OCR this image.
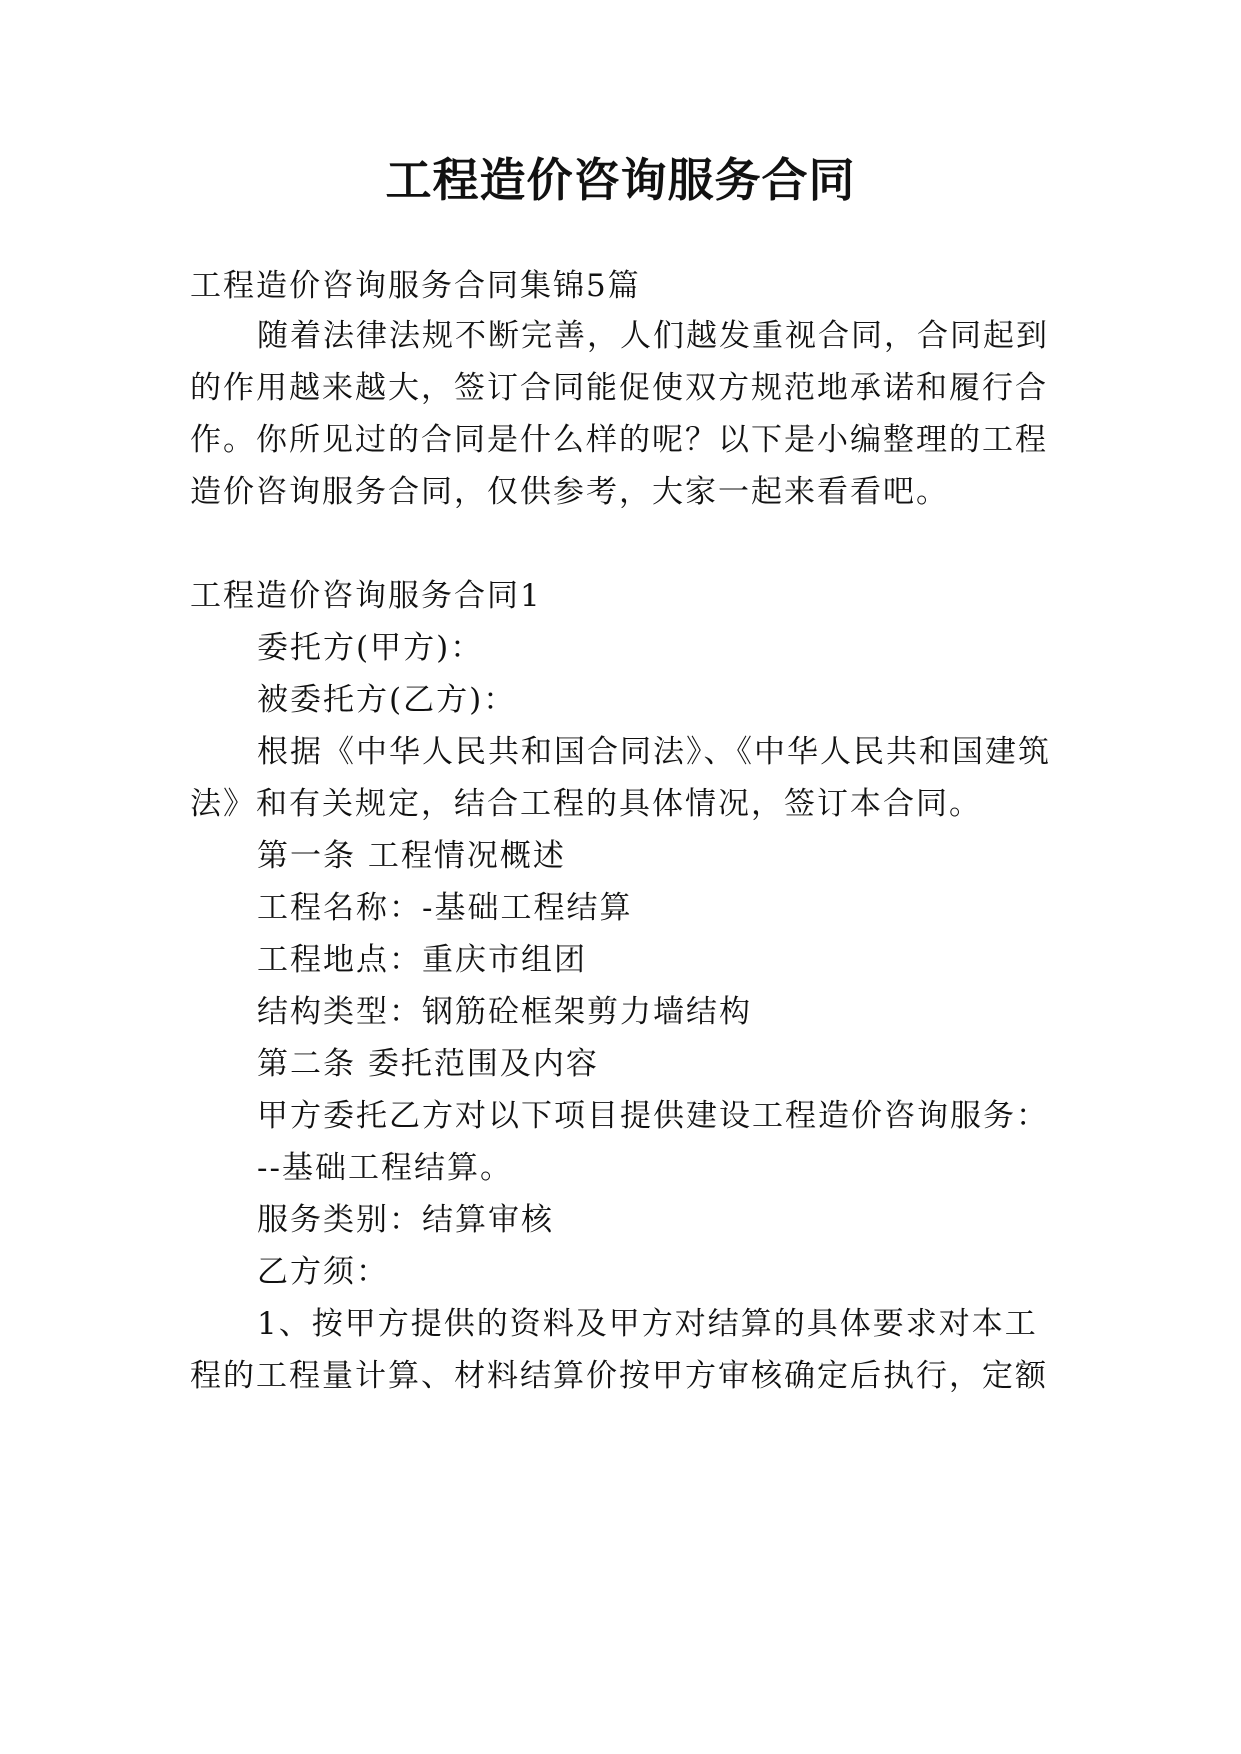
工程造价咨询服务合同
工程造价咨询服务合同集锦5篇
随着法律法规不断完善，人们越发重视合同，合同起到
的作用越来越大，签订合同能促使双方规范地承诺和履行合
作。你所见过的合同是什么样的呢？以下是小编整理的工程
造价咨询服务合同，仅供参考，大家一起来看看吧。
工程造价咨询服务合同1
委托方(甲方)：
被委托方(乙方)：
根据《中华人民共和国合同法》、《中华人民共和国建筑
法》和有关规定，结合工程的具体情况，签订本合同。
第一条 工程情况概述
工程名称：-基础工程结算
工程地点：重庆市组团
结构类型：钢筋砼框架剪力墙结构
第二条 委托范围及内容
甲方委托乙方对以下项目提供建设工程造价咨询服务：
--基础工程结算。
服务类别：结算审核
乙方须：
1、按甲方提供的资料及甲方对结算的具体要求对本工
程的工程量计算、材料结算价按甲方审核确定后执行，定额
